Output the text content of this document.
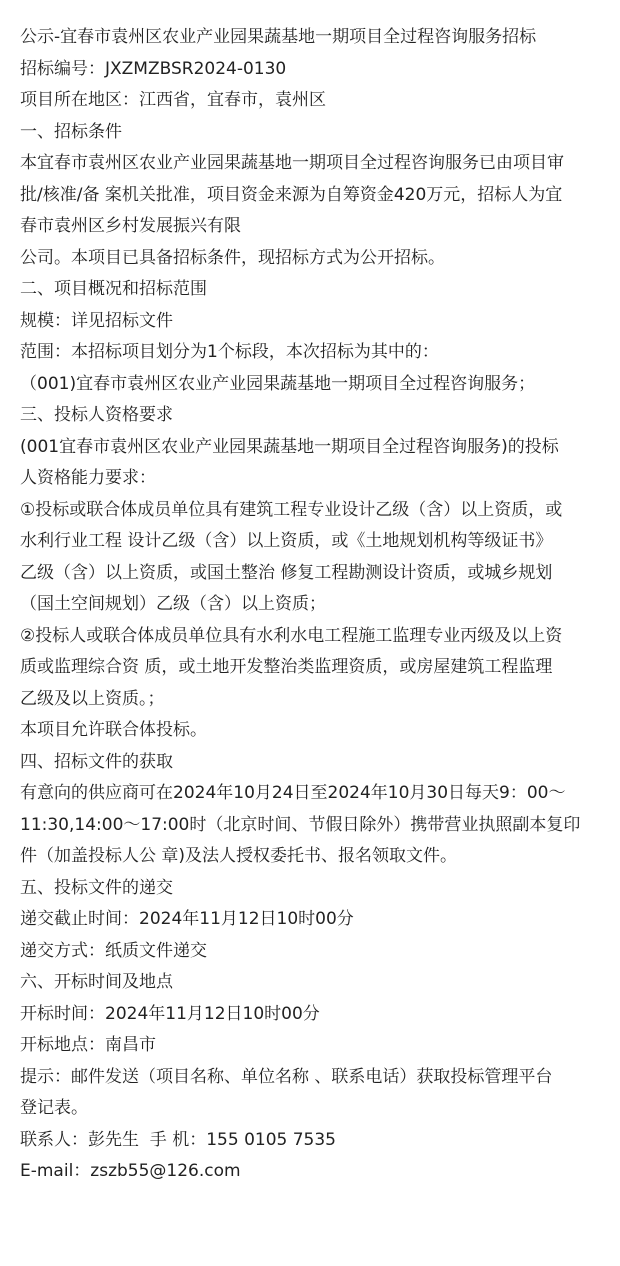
公示-宜春市袁州区农业产业园果蔬基地一期项目全过程咨询服务招标
招标编号：JXZMZBSR2024-0130
项目所在地区：江西省，宜春市，袁州区
一、招标条件
本宜春市袁州区农业产业园果蔬基地一期项目全过程咨询服务已由项目审
批/核准/备 案机关批准，项目资金来源为自筹资金420万元，招标人为宜
春市袁州区乡村发展振兴有限
公司。本项目已具备招标条件，现招标方式为公开招标。
二、项目概况和招标范围
规模：详见招标文件
范围：本招标项目划分为1个标段，本次招标为其中的：
（001)宜春市袁州区农业产业园果蔬基地一期项目全过程咨询服务；
三、投标人资格要求
(001宜春市袁州区农业产业园果蔬基地一期项目全过程咨询服务)的投标
人资格能力要求：
①投标或联合体成员单位具有建筑工程专业设计乙级（含）以上资质，或
水利行业工程 设计乙级（含）以上资质，或《土地规划机构等级证书》
乙级（含）以上资质，或国土整治 修复工程勘测设计资质，或城乡规划
（国土空间规划）乙级（含）以上资质；
②投标人或联合体成员单位具有水利水电工程施工监理专业丙级及以上资
质或监理综合资 质，或土地开发整治类监理资质，或房屋建筑工程监理
乙级及以上资质。；
本项目允许联合体投标。
四、招标文件的获取
有意向的供应商可在2024年10月24日至2024年10月30日每天9：00～
11:30,14:00～17:00时（北京时间、节假日除外）携带营业执照副本复印
件（加盖投标人公 章)及法人授权委托书、报名领取文件。
五、投标文件的递交
递交截止时间：2024年11月12日10时00分
递交方式：纸质文件递交
六、开标时间及地点
开标时间：2024年11月12日10时00分
开标地点：南昌市
提示：邮件发送（项目名称、单位名称 、联系电话）获取投标管理平台
登记表。
联系人：彭先生  手 机：155 0105 7535
E-mail：zszb55@126.com
